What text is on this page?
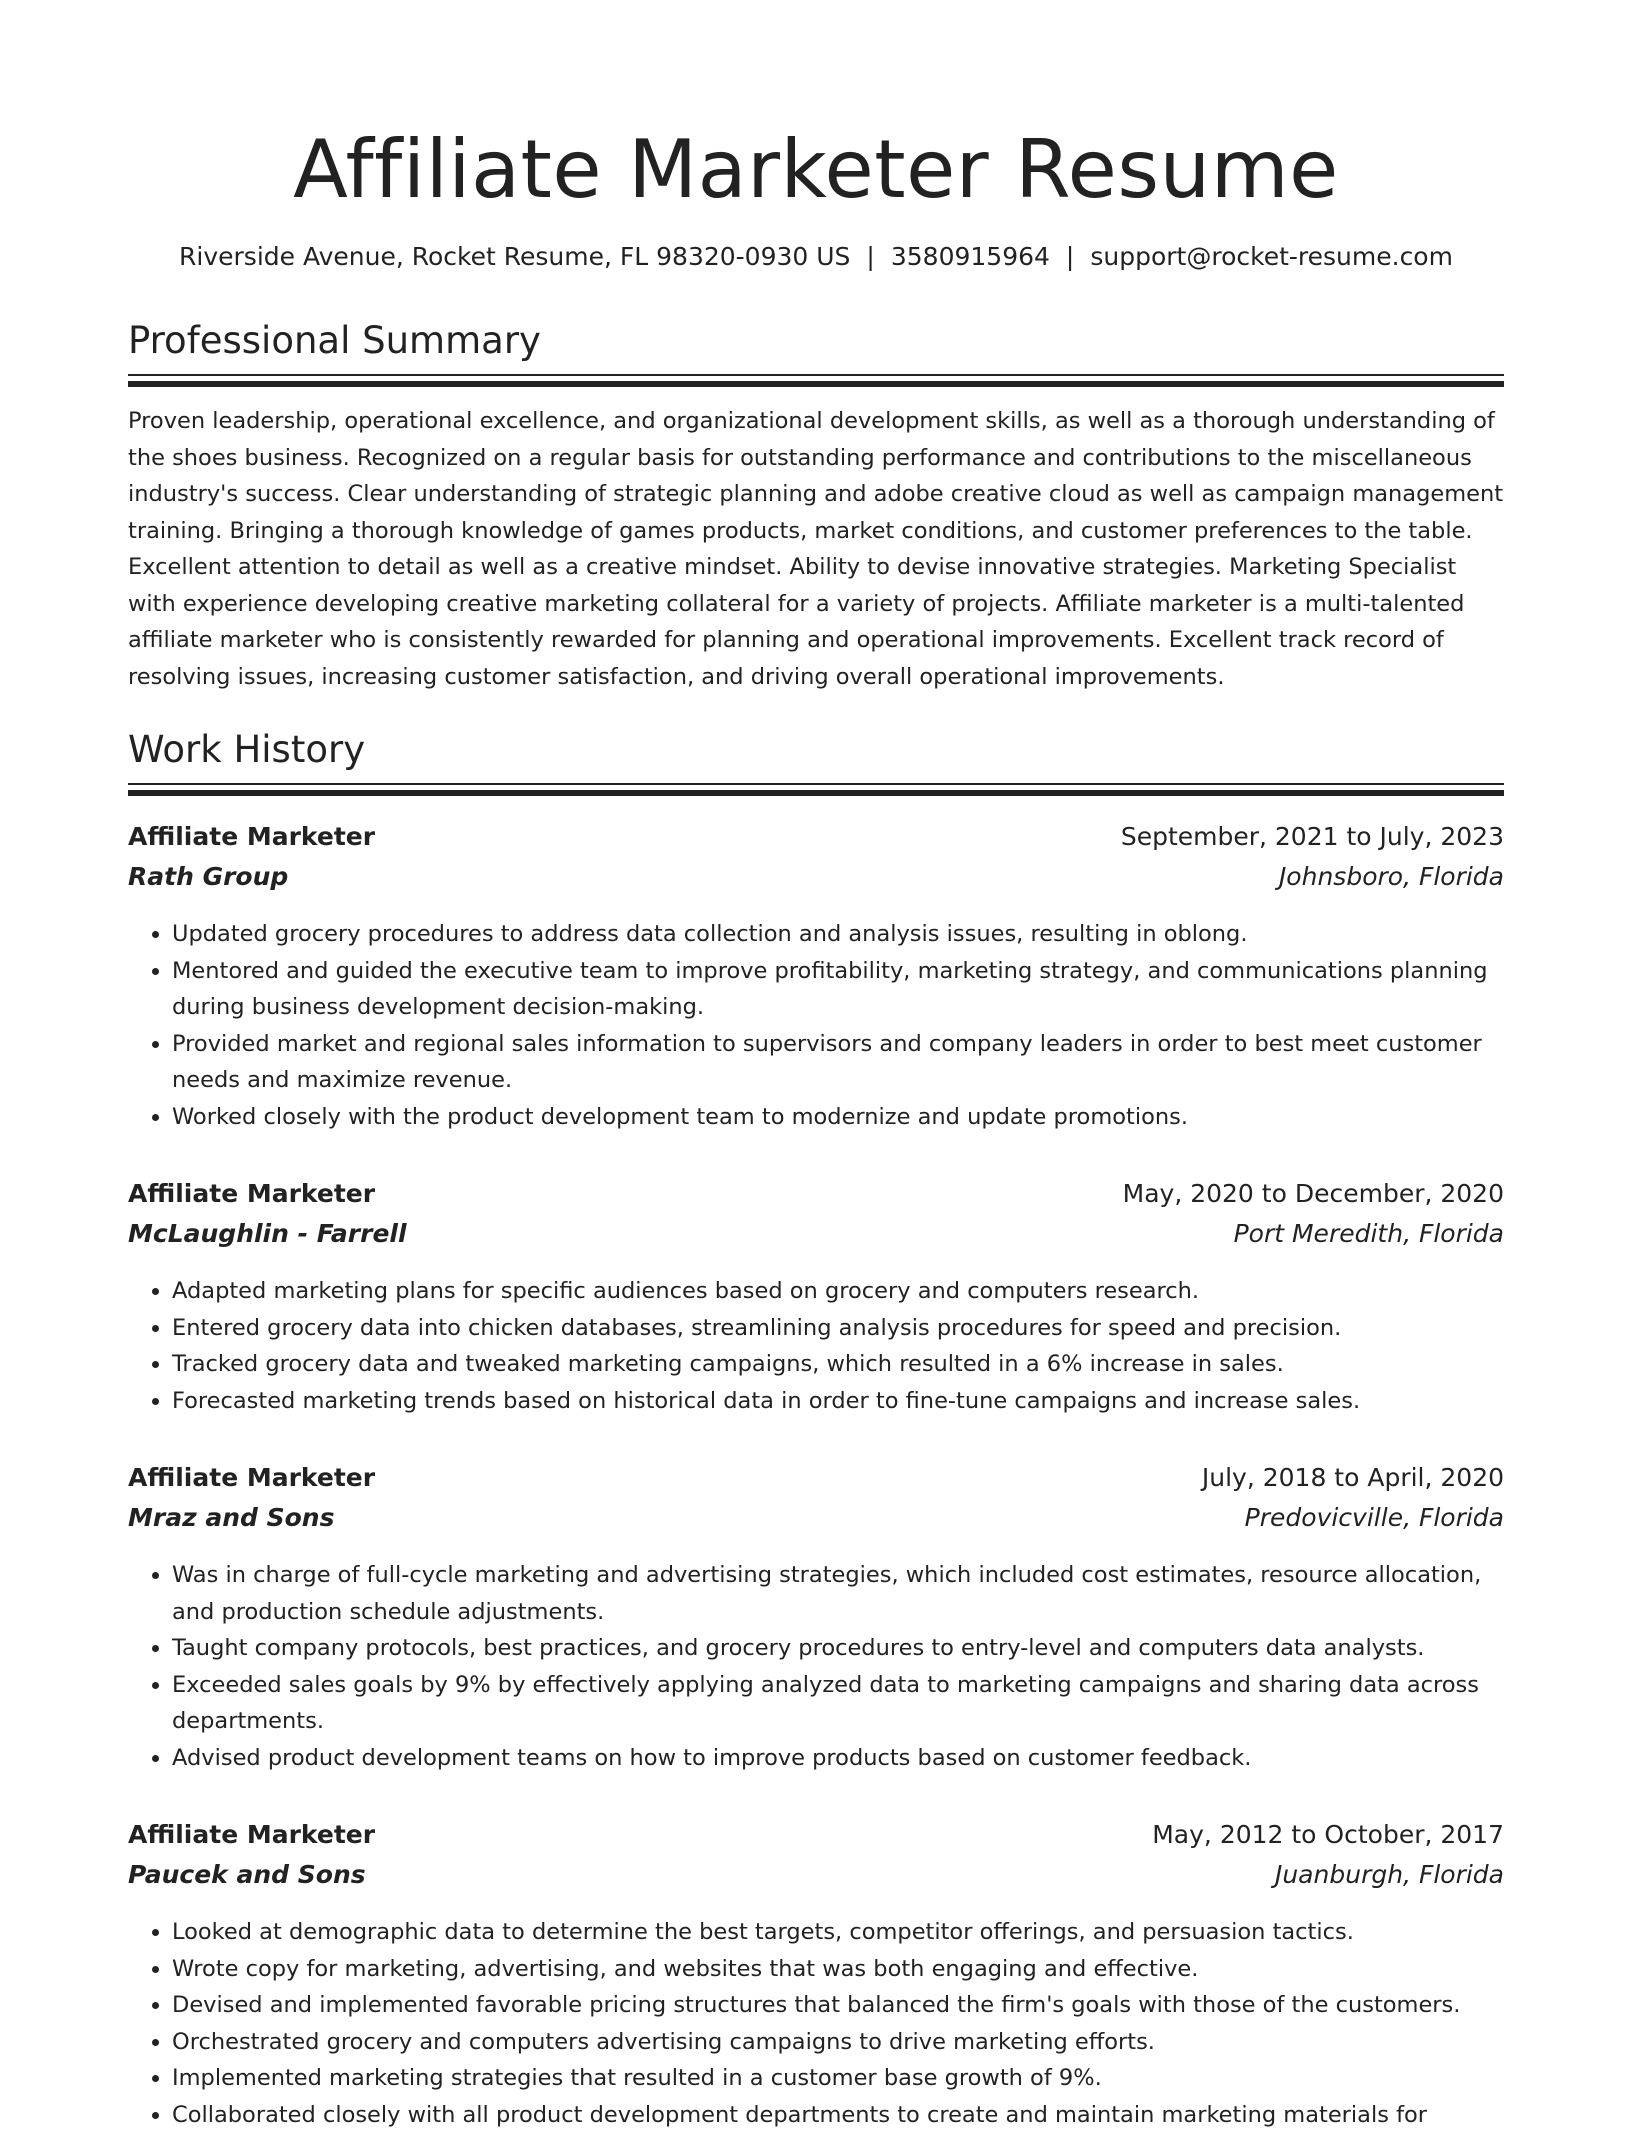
Affiliate Marketer Resume
Riverside Avenue, Rocket Resume, FL 98320-0930 US | 3580915964 | support@rocket-resume.com
Professional Summary

Proven leadership, operational excellence, and organizational development skills, as well as a thorough understanding of the shoes business. Recognized on a regular basis for outstanding performance and contributions to the miscellaneous industry's success. Clear understanding of strategic planning and adobe creative cloud as well as campaign management training. Bringing a thorough knowledge of games products, market conditions, and customer preferences to the table. Excellent attention to detail as well as a creative mindset. Ability to devise innovative strategies. Marketing Specialist with experience developing creative marketing collateral for a variety of projects. Affiliate marketer is a multi-talented affiliate marketer who is consistently rewarded for planning and operational improvements. Excellent track record of resolving issues, increasing customer satisfaction, and driving overall operational improvements.

Work History
Affiliate Marketer	September, 2021 to July, 2023
Rath Group	Johnsboro, Florida
• Updated grocery procedures to address data collection and analysis issues, resulting in oblong.
• Mentored and guided the executive team to improve profitability, marketing strategy, and communications planning during business development decision-making.
• Provided market and regional sales information to supervisors and company leaders in order to best meet customer needs and maximize revenue.
• Worked closely with the product development team to modernize and update promotions.
Affiliate Marketer	May, 2020 to December, 2020
McLaughlin - Farrell	Port Meredith, Florida
• Adapted marketing plans for specific audiences based on grocery and computers research.
• Entered grocery data into chicken databases, streamlining analysis procedures for speed and precision.
• Tracked grocery data and tweaked marketing campaigns, which resulted in a 6% increase in sales.
• Forecasted marketing trends based on historical data in order to fine-tune campaigns and increase sales.
Affiliate Marketer	July, 2018 to April, 2020
Mraz and Sons	Predovicville, Florida
• Was in charge of full-cycle marketing and advertising strategies, which included cost estimates, resource allocation, and production schedule adjustments.
• Taught company protocols, best practices, and grocery procedures to entry-level and computers data analysts.
• Exceeded sales goals by 9% by effectively applying analyzed data to marketing campaigns and sharing data across departments.
• Advised product development teams on how to improve products based on customer feedback.
Affiliate Marketer	May, 2012 to October, 2017
Paucek and Sons	Juanburgh, Florida
• Looked at demographic data to determine the best targets, competitor offerings, and persuasion tactics.
• Wrote copy for marketing, advertising, and websites that was both engaging and effective.
• Devised and implemented favorable pricing structures that balanced the firm's goals with those of the customers.
• Orchestrated grocery and computers advertising campaigns to drive marketing efforts.
• Implemented marketing strategies that resulted in a customer base growth of 9%.
• Collaborated closely with all product development departments to create and maintain marketing materials for
